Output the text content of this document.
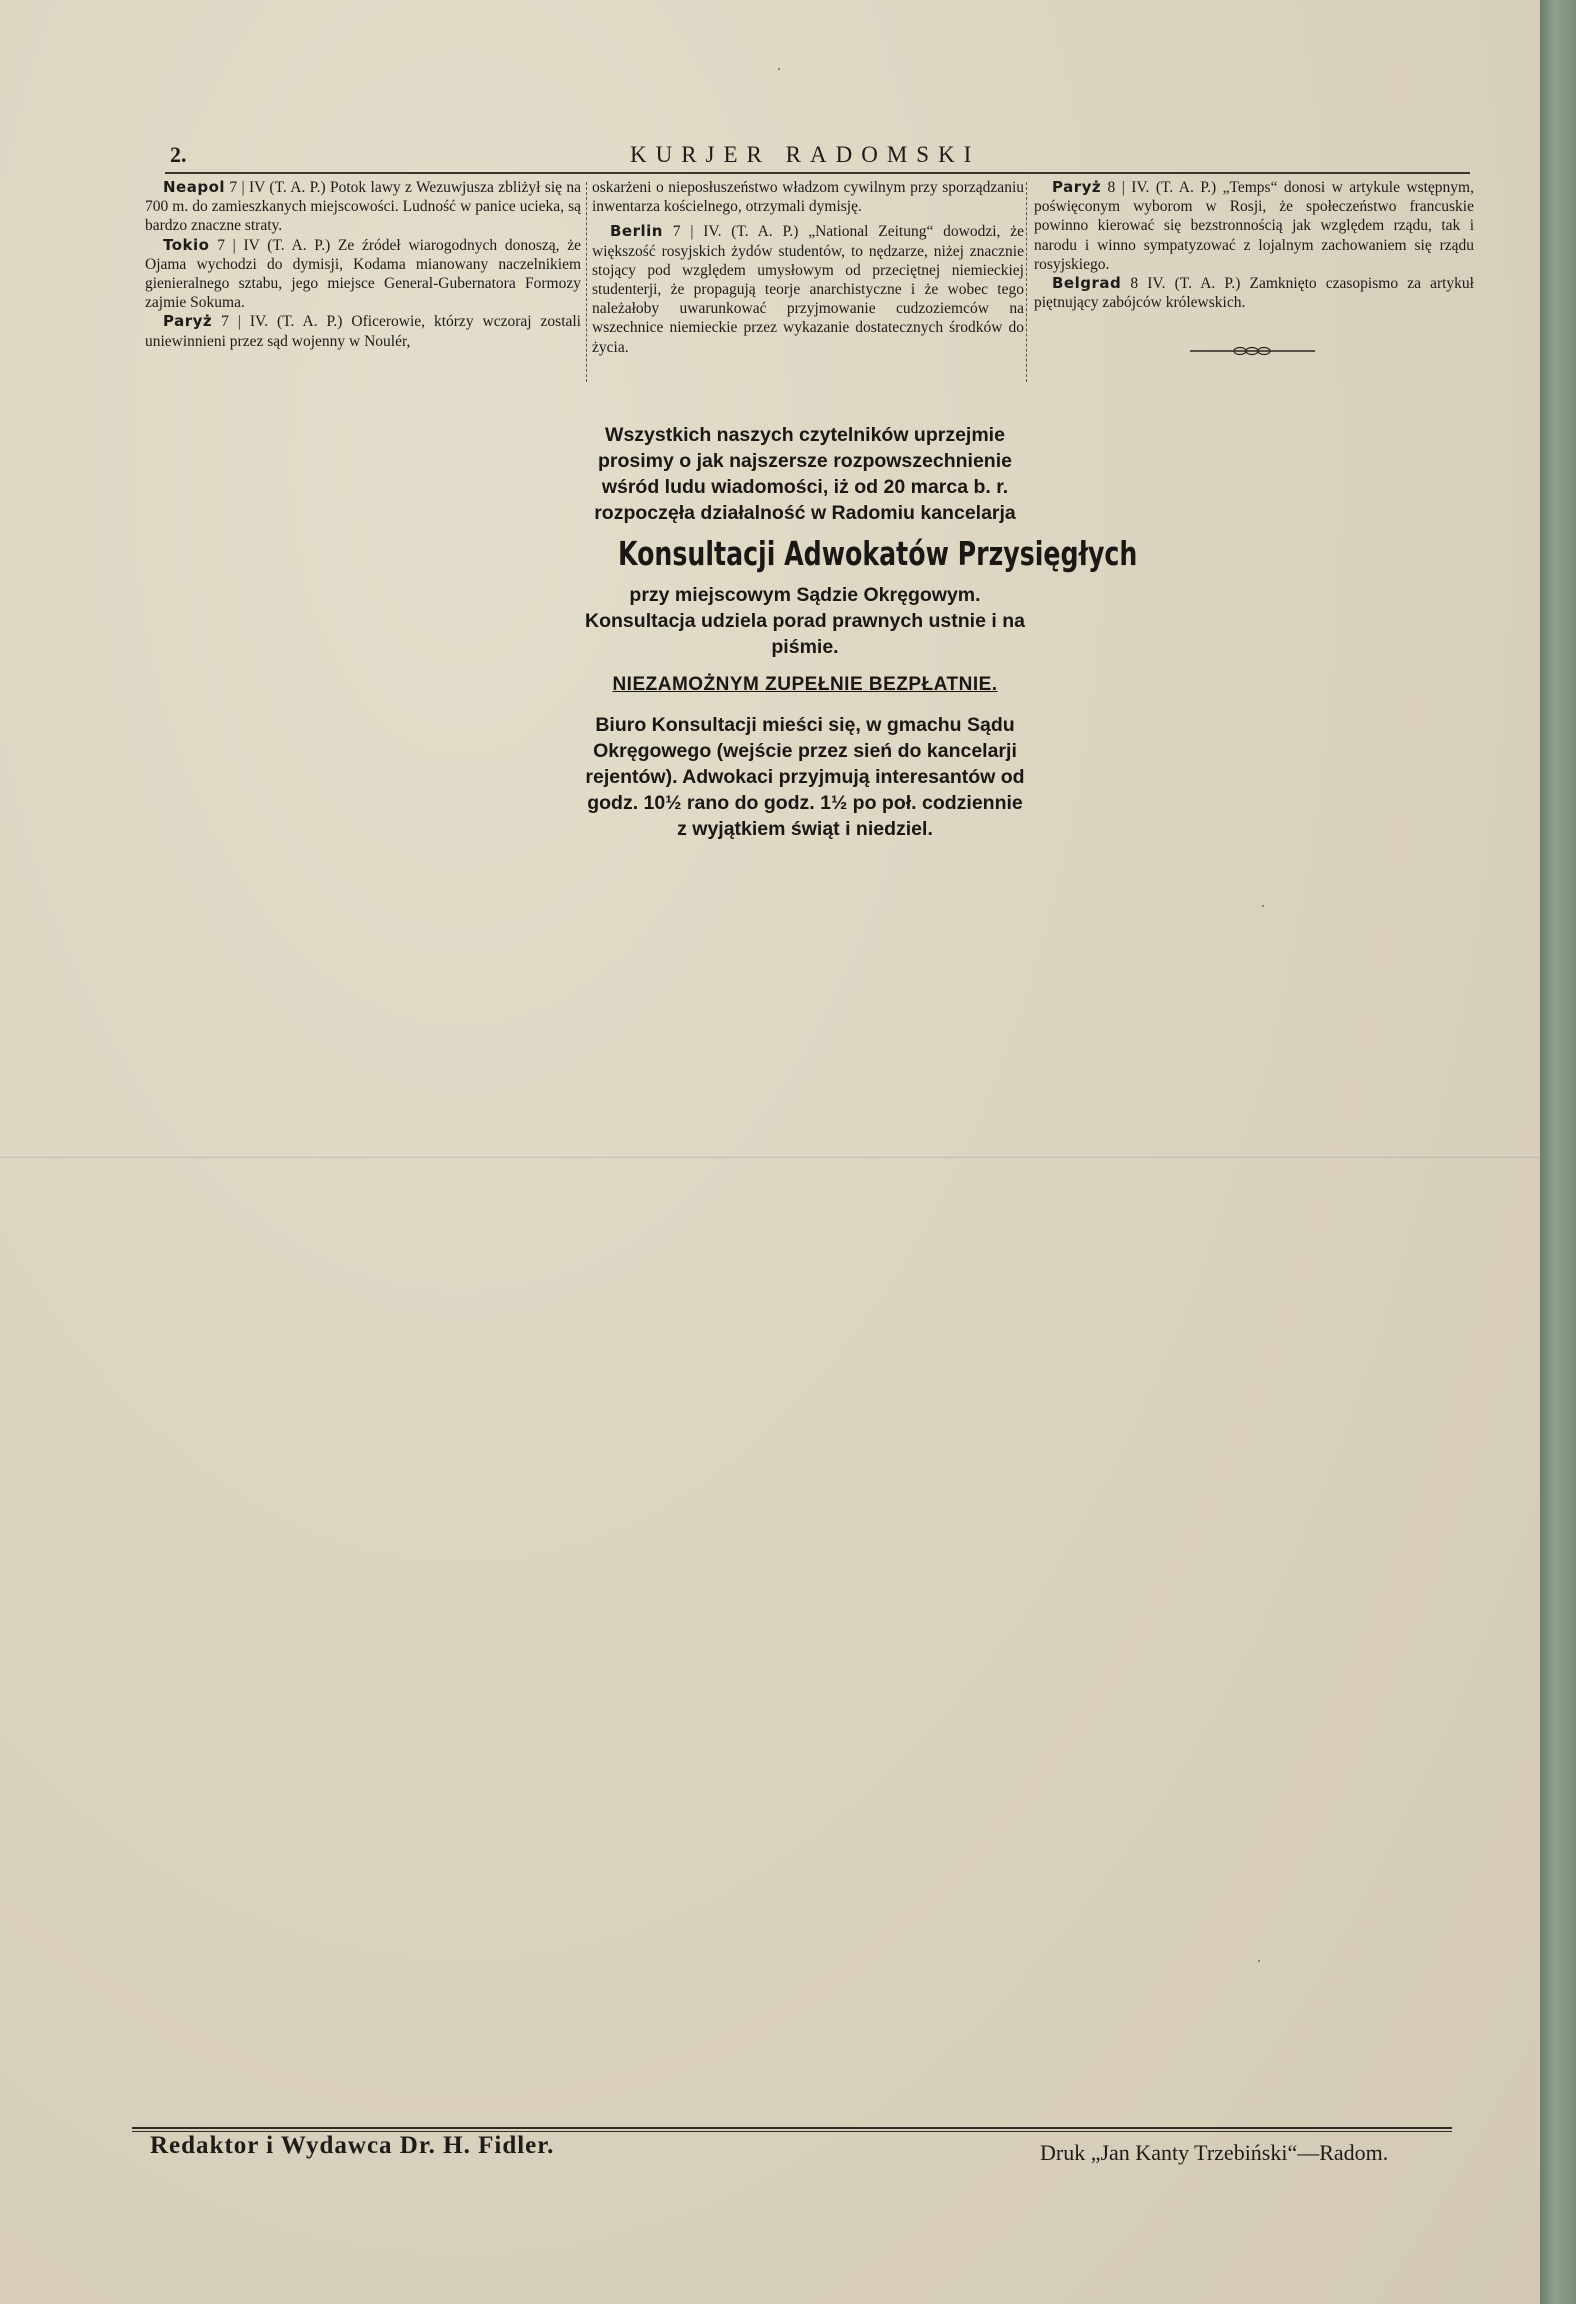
2.	KURJER RADOMSKI

Neapol 7 | IV (T. A. P.) Potok lawy z Wezuwjusza zbliżył się na 700 m. do zamieszkanych miejscowości. Ludność w panice ucieka, są bardzo znaczne straty.

Tokio 7 | IV (T. A. P.) Ze źródeł wiarogodnych donoszą, że Ojama wychodzi do dymisji, Kodama mianowany naczelnikiem gienieralnego sztabu, jego miejsce General-Gubernatora Formozy zajmie Sokuma.

Paryż 7 | IV. (T. A. P.) Oficerowie, którzy wczoraj zostali uniewinnieni przez sąd wojenny w Noulér,

oskarżeni o nieposłuszeństwo władzom cywilnym przy sporządzaniu inwentarza kościelnego, otrzymali dymisję.

Berlin 7 | IV. (T. A. P.) „National Zeitung“ dowodzi, że większość rosyjskich żydów studentów, to nędzarze, niżej znacznie stojący pod względem umysłowym od przeciętnej niemieckiej studenterji, że propagują teorje anarchistyczne i że wobec tego należałoby uwarunkować przyjmowanie cudzoziemców na wszechnice niemieckie przez wykazanie dostatecznych środków do życia.

Paryż 8 | IV. (T. A. P.) „Temps“ donosi w artykule wstępnym, poświęconym wyborom w Rosji, że społeczeństwo francuskie powinno kierować się bezstronnością jak względem rządu, tak i narodu i winno sympatyzować z lojalnym zachowaniem się rządu rosyjskiego.

Belgrad 8 IV. (T. A. P.) Zamknięto czasopismo za artykuł piętnujący zabójców królewskich.

Wszystkich naszych czytelników uprzejmie prosimy o jak najszersze rozpowszechnienie wśród ludu wiadomości, iż od 20 marca b. r. rozpoczęła działalność w Radomiu kancelarja

Konsultacji Adwokatów Przysięgłych

przy miejscowym Sądzie Okręgowym.

Konsultacja udziela porad prawnych ustnie i na piśmie.

NIEZAMOŻNYM ZUPEŁNIE BEZPŁATNIE.

Biuro Konsultacji mieści się, w gmachu Sądu Okręgowego (wejście przez sień do kancelarji rejentów). Adwokaci przyjmują interesantów od godz. 10½ rano do godz. 1½ po poł. codziennie z wyjątkiem świąt i niedziel.

Redaktor i Wydawca Dr. H. Fidler.	Druk „Jan Kanty Trzebiński“—Radom.
